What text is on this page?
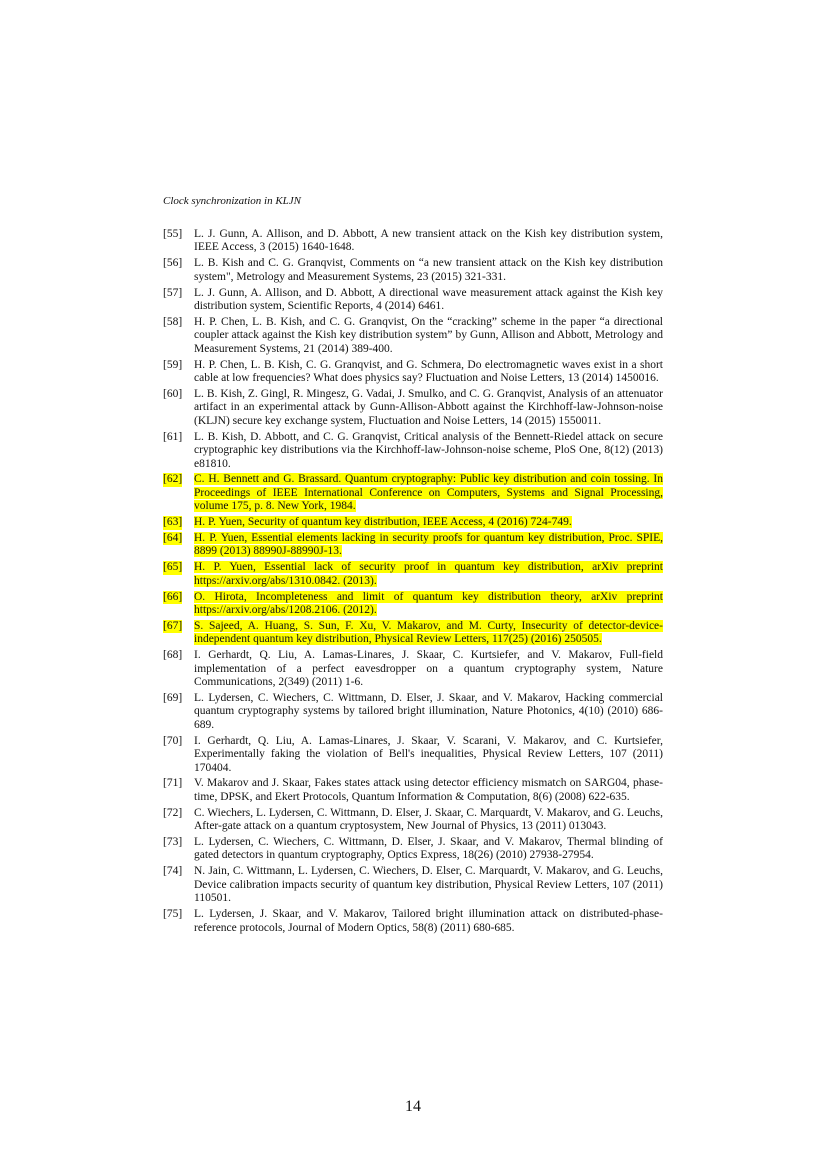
Clock synchronization in KLJN
[55] L. J. Gunn, A. Allison, and D. Abbott, A new transient attack on the Kish key distribution system, IEEE Access, 3 (2015) 1640-1648.
[56] L. B. Kish and C. G. Granqvist, Comments on “a new transient attack on the Kish key distribution system", Metrology and Measurement Systems, 23 (2015) 321-331.
[57] L. J. Gunn, A. Allison, and D. Abbott, A directional wave measurement attack against the Kish key distribution system, Scientific Reports, 4 (2014) 6461.
[58] H. P. Chen, L. B. Kish, and C. G. Granqvist, On the “cracking” scheme in the paper “a directional coupler attack against the Kish key distribution system” by Gunn, Allison and Abbott, Metrology and Measurement Systems, 21 (2014) 389-400.
[59] H. P. Chen, L. B. Kish, C. G. Granqvist, and G. Schmera, Do electromagnetic waves exist in a short cable at low frequencies? What does physics say? Fluctuation and Noise Letters, 13 (2014) 1450016.
[60] L. B. Kish, Z. Gingl, R. Mingesz, G. Vadai, J. Smulko, and C. G. Granqvist, Analysis of an attenuator artifact in an experimental attack by Gunn-Allison-Abbott against the Kirchhoff-law-Johnson-noise (KLJN) secure key exchange system, Fluctuation and Noise Letters, 14 (2015) 1550011.
[61] L. B. Kish, D. Abbott, and C. G. Granqvist, Critical analysis of the Bennett-Riedel attack on secure cryptographic key distributions via the Kirchhoff-law-Johnson-noise scheme, PloS One, 8(12) (2013) e81810.
[62] C. H. Bennett and G. Brassard. Quantum cryptography: Public key distribution and coin tossing. In Proceedings of IEEE International Conference on Computers, Systems and Signal Processing, volume 175, p. 8. New York, 1984.
[63] H. P. Yuen, Security of quantum key distribution, IEEE Access, 4 (2016) 724-749.
[64] H. P. Yuen, Essential elements lacking in security proofs for quantum key distribution, Proc. SPIE, 8899 (2013) 88990J-88990J-13.
[65] H. P. Yuen, Essential lack of security proof in quantum key distribution, arXiv preprint https://arxiv.org/abs/1310.0842. (2013).
[66] O. Hirota, Incompleteness and limit of quantum key distribution theory, arXiv preprint https://arxiv.org/abs/1208.2106. (2012).
[67] S. Sajeed, A. Huang, S. Sun, F. Xu, V. Makarov, and M. Curty, Insecurity of detector-device-independent quantum key distribution, Physical Review Letters, 117(25) (2016) 250505.
[68] I. Gerhardt, Q. Liu, A. Lamas-Linares, J. Skaar, C. Kurtsiefer, and V. Makarov, Full-field implementation of a perfect eavesdropper on a quantum cryptography system, Nature Communications, 2(349) (2011) 1-6.
[69] L. Lydersen, C. Wiechers, C. Wittmann, D. Elser, J. Skaar, and V. Makarov, Hacking commercial quantum cryptography systems by tailored bright illumination, Nature Photonics, 4(10) (2010) 686-689.
[70] I. Gerhardt, Q. Liu, A. Lamas-Linares, J. Skaar, V. Scarani, V. Makarov, and C. Kurtsiefer, Experimentally faking the violation of Bell's inequalities, Physical Review Letters, 107 (2011) 170404.
[71] V. Makarov and J. Skaar, Fakes states attack using detector efficiency mismatch on SARG04, phase-time, DPSK, and Ekert Protocols, Quantum Information & Computation, 8(6) (2008) 622-635.
[72] C. Wiechers, L. Lydersen, C. Wittmann, D. Elser, J. Skaar, C. Marquardt, V. Makarov, and G. Leuchs, After-gate attack on a quantum cryptosystem, New Journal of Physics, 13 (2011) 013043.
[73] L. Lydersen, C. Wiechers, C. Wittmann, D. Elser, J. Skaar, and V. Makarov, Thermal blinding of gated detectors in quantum cryptography, Optics Express, 18(26) (2010) 27938-27954.
[74] N. Jain, C. Wittmann, L. Lydersen, C. Wiechers, D. Elser, C. Marquardt, V. Makarov, and G. Leuchs, Device calibration impacts security of quantum key distribution, Physical Review Letters, 107 (2011) 110501.
[75] L. Lydersen, J. Skaar, and V. Makarov, Tailored bright illumination attack on distributed-phase-reference protocols, Journal of Modern Optics, 58(8) (2011) 680-685.
14
